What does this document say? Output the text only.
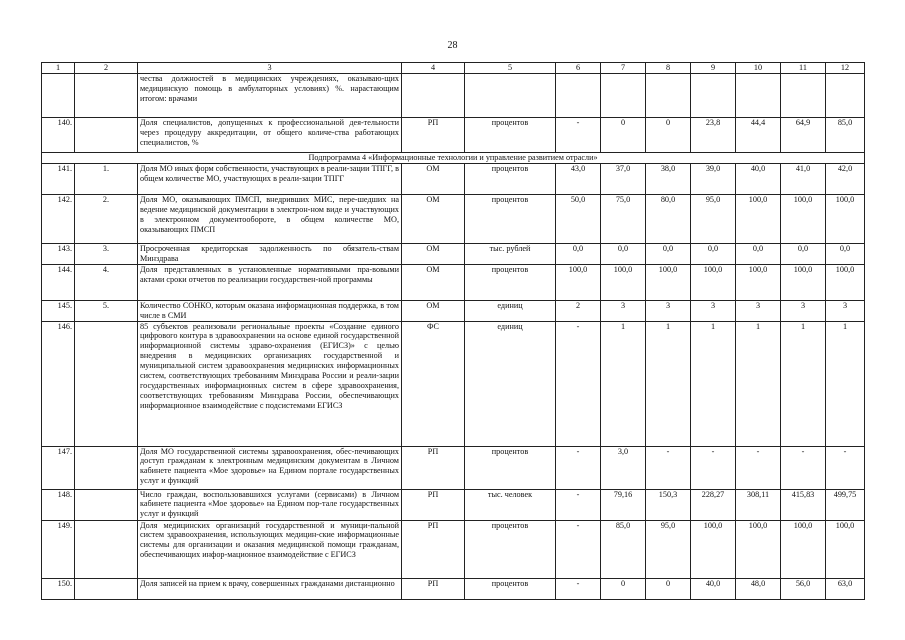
28
1	2	3	4	5	6	7	8	9	10	11	12
		чества должностей в медицинских учреждениях, оказываю-щих медицинскую помощь в амбулаторных условиях) %. нарастающим итогом: врачами									
140.		Доля специалистов, допущенных к профессиональной дея-тельности через процедуру аккредитации, от общего количе-ства работающих специалистов, %	РП	процентов	-	0	0	23,8	44,4	64,9	85,0
Подпрограмма 4 «Информационные технологии и управление развитием отрасли»											
141.	1.	Доля МО иных форм собственности, участвующих в реали-зации ТПГГ, в общем количестве МО, участвующих в реали-зации ТПГГ	ОМ	процентов	43,0	37,0	38,0	39,0	40,0	41,0	42,0
142.	2.	Доля МО, оказывающих ПМСП, внедривших МИС, пере-шедших на ведение медицинской документации в электрон-ном виде и участвующих в электронном документообороте, в общем количестве МО, оказывающих ПМСП	ОМ	процентов	50,0	75,0	80,0	95,0	100,0	100,0	100,0
143.	3.	Просроченная кредиторская задолженность по обязатель-ствам Минздрава	ОМ	тыс. рублей	0,0	0,0	0,0	0,0	0,0	0,0	0,0
144.	4.	Доля представленных в установленные нормативными пра-вовыми актами сроки отчетов по реализации государствен-ной программы	ОМ	процентов	100,0	100,0	100,0	100,0	100,0	100,0	100,0
145.	5.	Количество СОНКО, которым оказана информационная поддержка, в том числе в СМИ	ОМ	единиц	2	3	3	3	3	3	3
146.		85 субъектов реализовали региональные проекты «Создание единого цифрового контура в здравоохранении на основе единой государственной информационной системы здраво-охранения (ЕГИСЗ)» с целью внедрения в медицинских организациях государственной и муниципальной систем здравоохранения медицинских информационных систем, соответствующих требованиям Минздрава России и реали-зации государственных информационных систем в сфере здравоохранения, соответствующих требованиям Минздрава России, обеспечивающих информационное взаимодействие с подсистемами ЕГИСЗ	ФС	единиц	-	1	1	1	1	1	1
147.		Доля МО государственной системы здравоохранения, обес-печивающих доступ гражданам к электронным медицинским документам в Личном кабинете пациента «Мое здоровье» на Едином портале государственных услуг и функций	РП	процентов	-	3,0	-	-	-	-	-
148.		Число граждан, воспользовавшихся услугами (сервисами) в Личном кабинете пациента «Мое здоровье» на Едином пор-тале государственных услуг и функций	РП	тыс. человек	-	79,16	150,3	228,27	308,11	415,83	499,75
149.		Доля медицинских организаций государственной и муници-пальной систем здравоохранения, использующих медицин-ские информационные системы для организации и оказания медицинской помощи гражданам, обеспечивающих инфор-мационное взаимодействие с ЕГИСЗ	РП	процентов	-	85,0	95,0	100,0	100,0	100,0	100,0
150.		Доля записей на прием к врачу, совершенных гражданами дистанционно	РП	процентов	-	0	0	40,0	48,0	56,0	63,0
